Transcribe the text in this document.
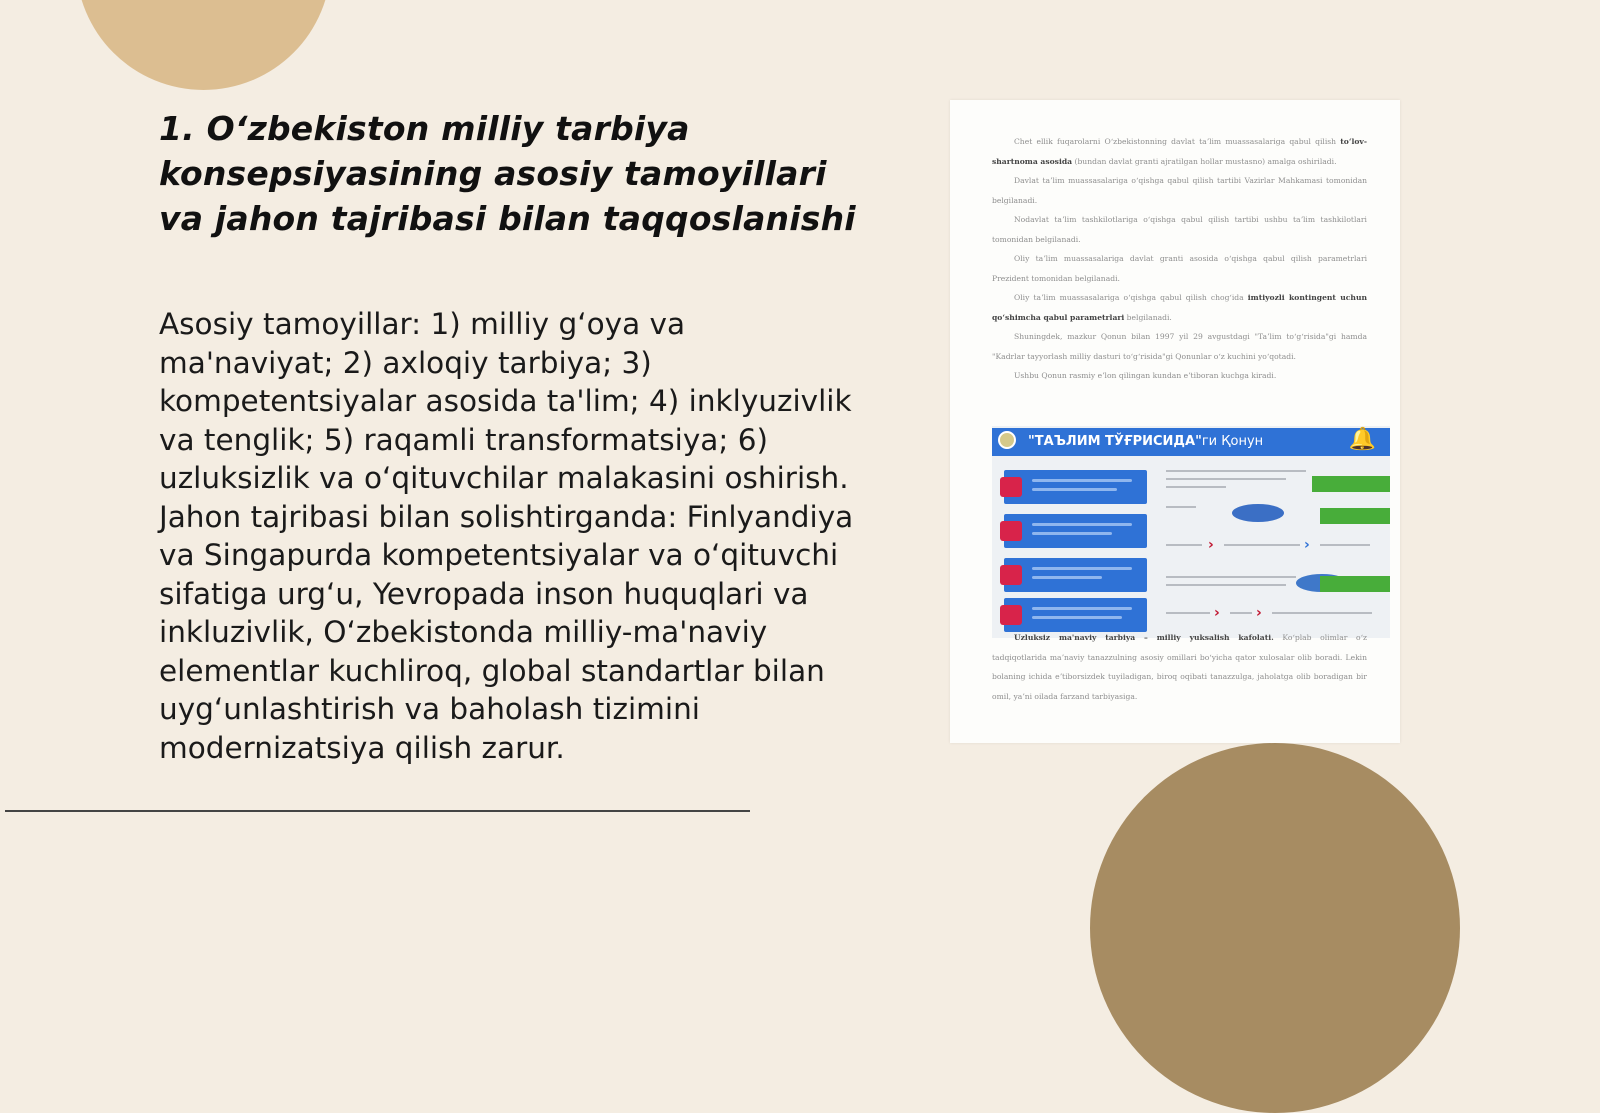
1. Oʻzbekiston milliy tarbiya konsepsiyasining asosiy tamoyillari va jahon tajribasi bilan taqqoslanishi

Asosiy tamoyillar: 1) milliy gʻoya va ma'naviyat; 2) axloqiy tarbiya; 3) kompetentsiyalar asosida ta'lim; 4) inklyuzivlik va tenglik; 5) raqamli transformatsiya; 6) uzluksizlik va oʻqituvchilar malakasini oshirish. Jahon tajribasi bilan solishtirganda: Finlyandiya va Singapurda kompetentsiyalar va oʻqituvchi sifatiga urgʻu, Yevropada inson huquqlari va inkluzivlik, Oʻzbekistonda milliy-ma'naviy elementlar kuchliroq, global standartlar bilan uygʻunlashtirish va baholash tizimini modernizatsiya qilish zarur.

Chet ellik fuqarolarni Oʻzbekistonning davlat taʼlim muassasalariga qabul qilish toʻlov-shartnoma asosida (bundan davlat granti ajratilgan hollar mustasno) amalga oshiriladi.

Davlat taʼlim muassasalariga oʻqishga qabul qilish tartibi Vazirlar Mahkamasi tomonidan belgilanadi.

Nodavlat taʼlim tashkilotlariga oʻqishga qabul qilish tartibi ushbu taʼlim tashkilotlari tomonidan belgilanadi.

Oliy taʼlim muassasalariga davlat granti asosida oʻqishga qabul qilish parametrlari Prezident tomonidan belgilanadi.

Oliy taʼlim muassasalariga oʻqishga qabul qilish chogʻida imtiyozli kontingent uchun qoʻshimcha qabul parametrlari belgilanadi.

Shuningdek, mazkur Qonun bilan 1997 yil 29 avgustdagi "Taʼlim toʻgʻrisida"gi hamda "Kadrlar tayyorlash milliy dasturi toʻgʻrisida"gi Qonunlar oʻz kuchini yoʻqotadi.

Ushbu Qonun rasmiy eʼlon qilingan kundan eʼtiboran kuchga kiradi.

"ТАЪЛИМ ТЎҒРИСИДА"ги Қонун	🔔
›	›
›	›

Uzluksiz ma'naviy tarbiya – milliy yuksalish kafolati. Koʻplab olimlar oʻz tadqiqotlarida maʼnaviy tanazzulning asosiy omillari boʻyicha qator xulosalar olib boradi. Lekin bolaning ichida eʼtiborsizdek tuyiladigan, biroq oqibati tanazzulga, jaholatga olib boradigan bir omil, yaʼni oilada farzand tarbiyasiga.
